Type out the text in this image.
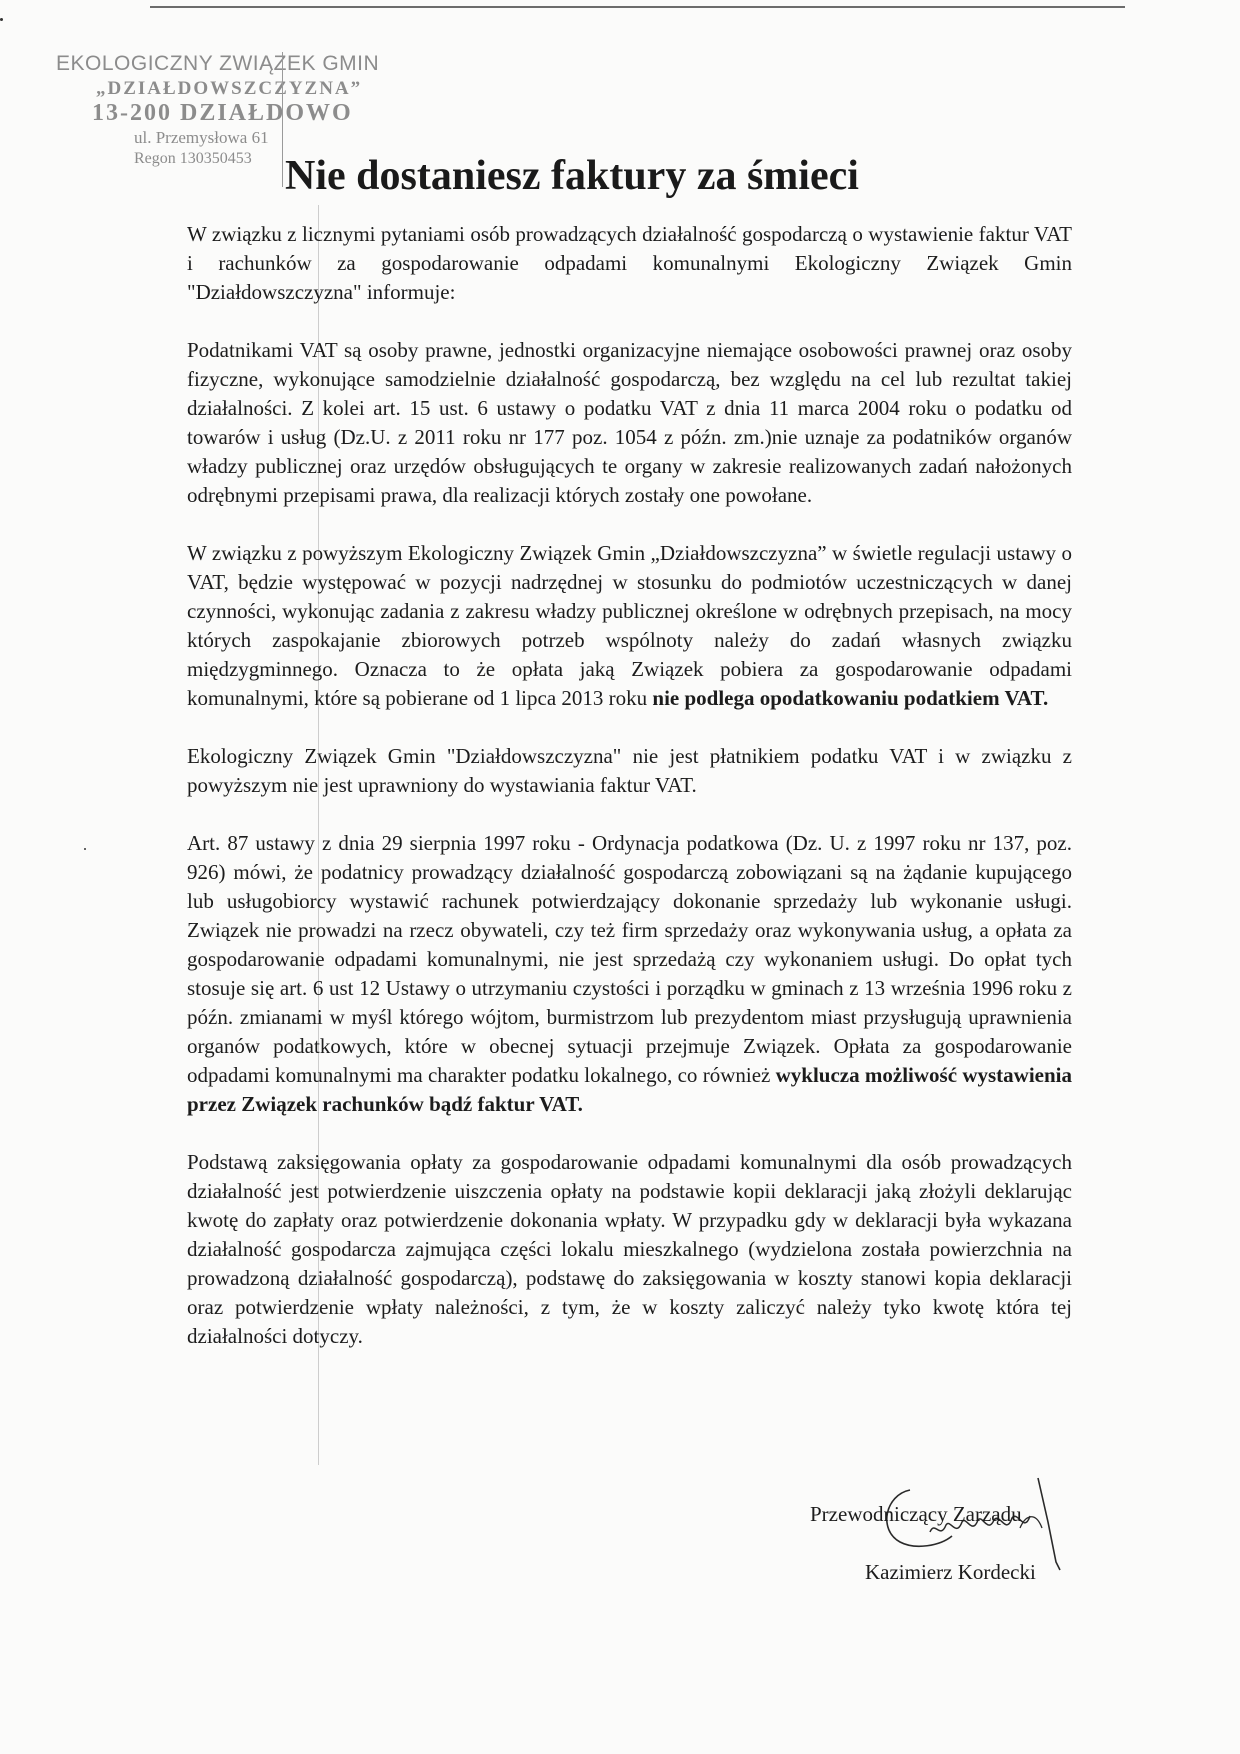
EKOLOGICZNY ZWIĄZEK GMIN
„DZIAŁDOWSZCZYZNA”
13-200 DZIAŁDOWO
ul. Przemysłowa 61
Regon 130350453 Nie dostaniesz faktury za śmieci

W związku z licznymi pytaniami osób prowadzących działalność gospodarczą o wystawienie faktur VAT i rachunków za gospodarowanie odpadami komunalnymi Ekologiczny Związek Gmin "Działdowszczyzna" informuje:

Podatnikami VAT są osoby prawne, jednostki organizacyjne niemające osobowości prawnej oraz osoby fizyczne, wykonujące samodzielnie działalność gospodarczą, bez względu na cel lub rezultat takiej działalności. Z kolei art. 15 ust. 6 ustawy o podatku VAT z dnia 11 marca 2004 roku o podatku od towarów i usług (Dz.U. z 2011 roku nr 177 poz. 1054 z późn. zm.)nie uznaje za podatników organów władzy publicznej oraz urzędów obsługujących te organy w zakresie realizowanych zadań nałożonych odrębnymi przepisami prawa, dla realizacji których zostały one powołane.

W związku z powyższym Ekologiczny Związek Gmin „Działdowszczyzna” w świetle regulacji ustawy o VAT, będzie występować w pozycji nadrzędnej w stosunku do podmiotów uczestniczących w danej czynności, wykonując zadania z zakresu władzy publicznej określone w odrębnych przepisach, na mocy których zaspokajanie zbiorowych potrzeb wspólnoty należy do zadań własnych związku międzygminnego. Oznacza to że opłata jaką Związek pobiera za gospodarowanie odpadami komunalnymi, które są pobierane od 1 lipca 2013 roku nie podlega opodatkowaniu podatkiem VAT.

Ekologiczny Związek Gmin "Działdowszczyzna" nie jest płatnikiem podatku VAT i w związku z powyższym nie jest uprawniony do wystawiania faktur VAT.

Art. 87 ustawy z dnia 29 sierpnia 1997 roku - Ordynacja podatkowa (Dz. U. z 1997 roku nr 137, poz. 926) mówi, że podatnicy prowadzący działalność gospodarczą zobowiązani są na żądanie kupującego lub usługobiorcy wystawić rachunek potwierdzający dokonanie sprzedaży lub wykonanie usługi. Związek nie prowadzi na rzecz obywateli, czy też firm sprzedaży oraz wykonywania usług, a opłata za gospodarowanie odpadami komunalnymi, nie jest sprzedażą czy wykonaniem usługi. Do opłat tych stosuje się art. 6 ust 12 Ustawy o utrzymaniu czystości i porządku w gminach z 13 września 1996 roku z późn. zmianami w myśl którego wójtom, burmistrzom lub prezydentom miast przysługują uprawnienia organów podatkowych, które w obecnej sytuacji przejmuje Związek. Opłata za gospodarowanie odpadami komunalnymi ma charakter podatku lokalnego, co również wyklucza możliwość wystawienia przez Związek rachunków bądź faktur VAT.

Podstawą zaksięgowania opłaty za gospodarowanie odpadami komunalnymi dla osób prowadzących działalność jest potwierdzenie uiszczenia opłaty na podstawie kopii deklaracji jaką złożyli deklarując kwotę do zapłaty oraz potwierdzenie dokonania wpłaty. W przypadku gdy w deklaracji była wykazana działalność gospodarcza zajmująca części lokalu mieszkalnego (wydzielona została powierzchnia na prowadzoną działalność gospodarczą), podstawę do zaksięgowania w koszty stanowi kopia deklaracji oraz potwierdzenie wpłaty należności, z tym, że w koszty zaliczyć należy tyko kwotę która tej działalności dotyczy.

Przewodniczący Zarządu
Kazimierz Kordecki
